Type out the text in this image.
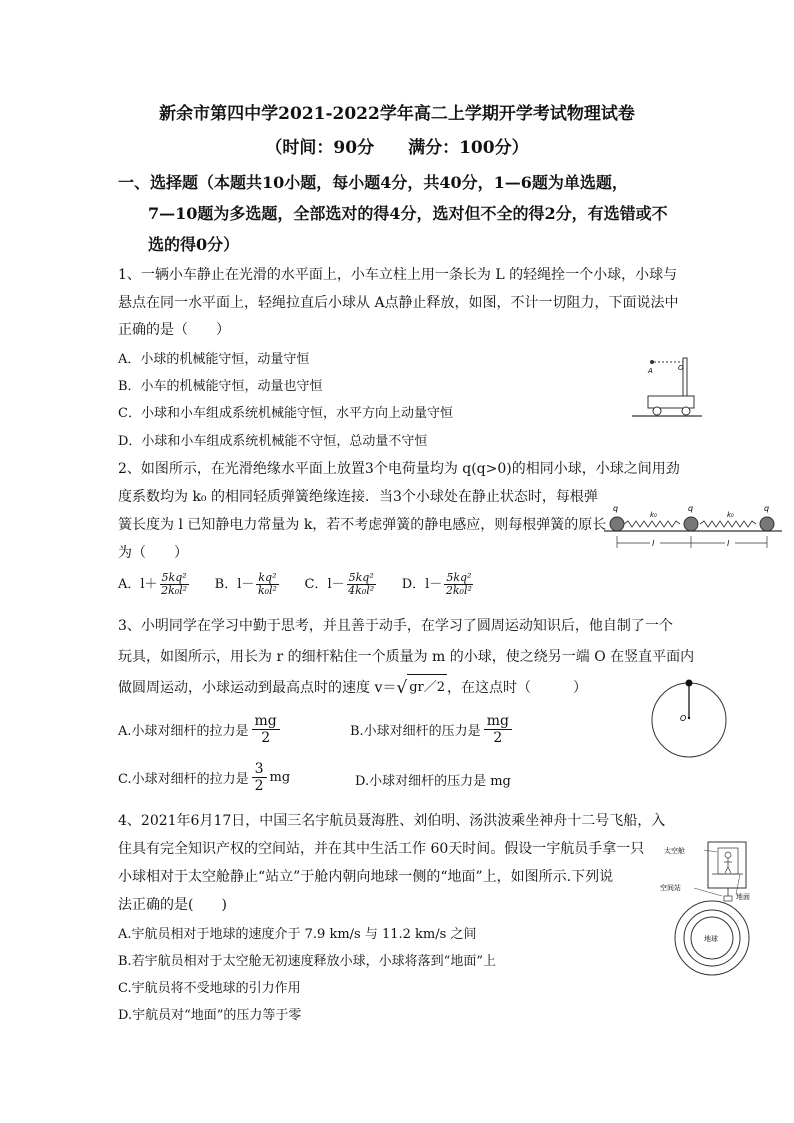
新余市第四中学2021-2022学年高二上学期开学考试物理试卷
（时间：90分　　满分：100分）
一、选择题（本题共10小题，每小题4分，共40分，1—6题为单选题，
7—10题为多选题，全部选对的得4分，选对但不全的得2分，有选错或不
选的得0分）
1、一辆小车静止在光滑的水平面上，小车立柱上用一条长为 L 的轻绳拴一个小球，小球与
悬点在同一水平面上，轻绳拉直后小球从 A点静止释放，如图，不计一切阻力，下面说法中
正确的是（　　）
A．小球的机械能守恒，动量守恒
B．小车的机械能守恒，动量也守恒
C．小球和小车组成系统机械能守恒，水平方向上动量守恒
D．小球和小车组成系统机械能不守恒，总动量不守恒
A	O
2、如图所示，在光滑绝缘水平面上放置3个电荷量均为 q(q>0)的相同小球，小球之间用劲
度系数均为 k₀ 的相同轻质弹簧绝缘连接．当3个小球处在静止状态时，每根弹
簧长度为 l 已知静电力常量为 k，若不考虑弹簧的静电感应，则每根弹簧的原长
为（　　）
A．$l+ \frac{\text{5kq²}}{\text{2k₀l²}}$ B．$l- \frac{\text{kq²}}{\text{k₀l²}}$ C．$l- \frac{\text{5kq²}}{\text{4k₀l²}}$ D．$l- \frac{\text{5kq²}}{\text{2k₀l²}}$
q	q	q
k₀	k₀
l	l
3、小明同学在学习中勤于思考，并且善于动手，在学习了圆周运动知识后，他自制了一个
玩具，如图所示，用长为 r 的细杆粘住一个质量为 m 的小球，使之绕另一端 O 在竖直平面内
做圆周运动，小球运动到最高点时的速度 v＝ √ gr／2 ，在这点时（　　　）
A.小球对细杆的拉力是
mg
2	B.小球对细杆的压力是
mg
2
C.小球对细杆的拉力是
3
2
mg	D.小球对细杆的压力是 mg
O
4、2021年6月17日，中国三名宇航员聂海胜、刘伯明、汤洪波乘坐神舟十二号飞船，入
住具有完全知识产权的空间站，并在其中生活工作 60天时间。假设一宇航员手拿一只
小球相对于太空舱静止“站立”于舱内朝向地球一侧的“地面”上，如图所示.下列说
法正确的是(　　)
A.宇航员相对于地球的速度介于 7.9 km/s 与 11.2 km/s 之间
B.若宇航员相对于太空舱无初速度释放小球，小球将落到“地面”上
C.宇航员将不受地球的引力作用
D.宇航员对“地面”的压力等于零
太空舱
空间站
地面
地球
